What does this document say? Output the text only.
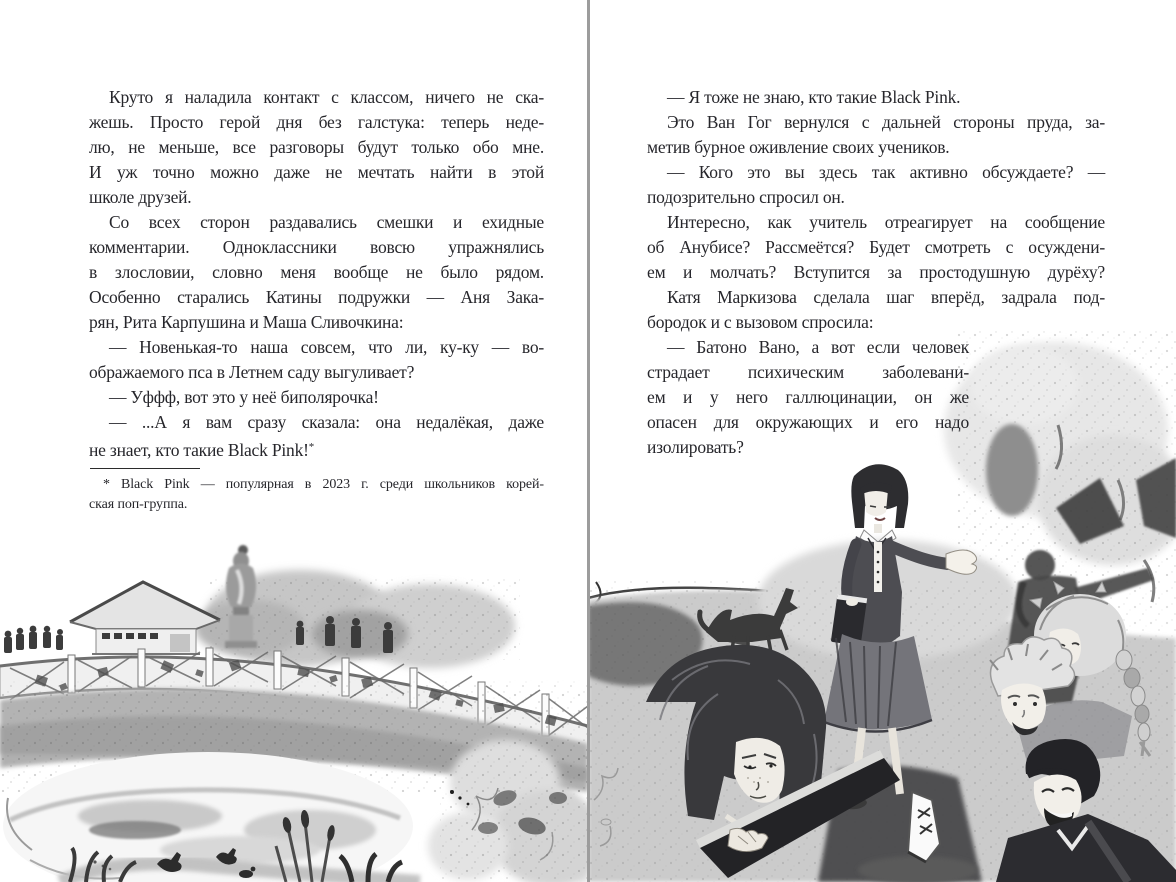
Круто я наладила контакт с классом, ничего не ска-
жешь. Просто герой дня без галстука: теперь неде-
лю, не меньше, все разговоры будут только обо мне.
И уж точно можно даже не мечтать найти в этой
школе друзей.
Со всех сторон раздавались смешки и ехидные
комментарии. Одноклассники вовсю упражнялись
в злословии, словно меня вообще не было рядом.
Особенно старались Катины подружки — Аня Зака-
рян, Рита Карпушина и Маша Сливочкина:
— Новенькая-то наша совсем, что ли, ку-ку — во-
ображаемого пса в Летнем саду выгуливает?
— Уффф, вот это у неё биполярочка!
— ...А я вам сразу сказала: она недалёкая, даже
не знает, кто такие Black Pink!*
* Black Pink — популярная в 2023 г. среди школьников корей-
ская поп-группа.
— Я тоже не знаю, кто такие Black Pink.
Это Ван Гог вернулся с дальней стороны пруда, за-
метив бурное оживление своих учеников.
— Кого это вы здесь так активно обсуждаете? —
подозрительно спросил он.
Интересно, как учитель отреагирует на сообщение
об Анубисе? Рассмеётся? Будет смотреть с осуждени-
ем и молчать? Вступится за простодушную дурёху?
Катя Маркизова сделала шаг вперёд, задрала под-
бородок и с вызовом спросила:
— Батоно Вано, а вот если человек
страдает психическим заболевани-
ем и у него галлюцинации, он же
опасен для окружающих и его надо
изолировать?
